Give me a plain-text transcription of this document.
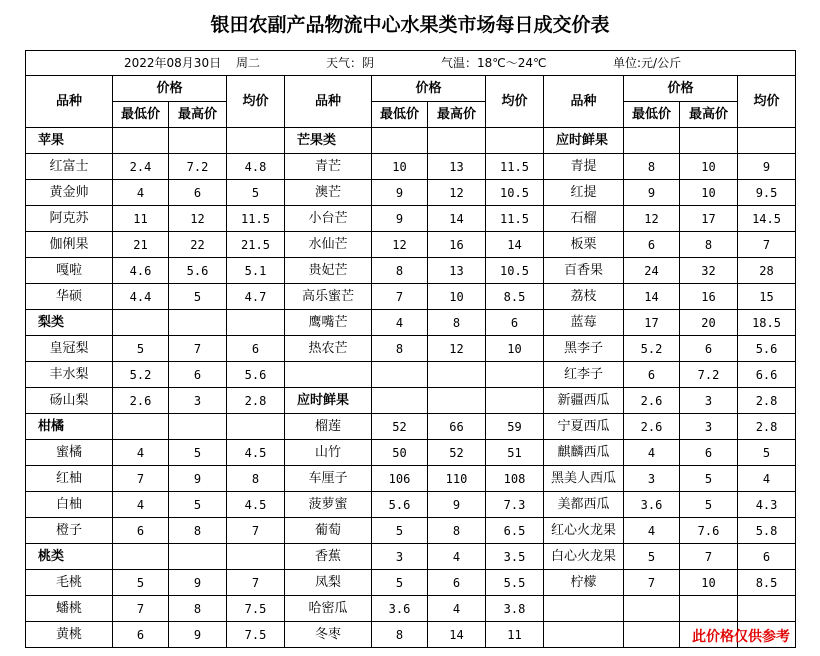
银田农副产品物流中心水果类市场每日成交价表
2022年08月30日 周二 天气：阴 气温：18℃～24℃ 单位:元/公斤											

品种	价格		均价	品种	价格		均价	品种	价格		均价
	最低价	最高价			最低价	最高价			最低价	最高价	
苹果				芒果类				应时鲜果			
红富士	2.4	7.2	4.8	青芒	10	13	11.5	青提	8	10	9
黄金帅	4	6	5	澳芒	9	12	10.5	红提	9	10	9.5
阿克苏	11	12	11.5	小台芒	9	14	11.5	石榴	12	17	14.5
伽俐果	21	22	21.5	水仙芒	12	16	14	板栗	6	8	7
嘎啦	4.6	5.6	5.1	贵妃芒	8	13	10.5	百香果	24	32	28
华硕	4.4	5	4.7	高乐蜜芒	7	10	8.5	荔枝	14	16	15
梨类				鹰嘴芒	4	8	6	蓝莓	17	20	18.5
皇冠梨	5	7	6	热农芒	8	12	10	黑李子	5.2	6	5.6
丰水梨	5.2	6	5.6					红李子	6	7.2	6.6
砀山梨	2.6	3	2.8	应时鲜果				新疆西瓜	2.6	3	2.8
柑橘				榴莲	52	66	59	宁夏西瓜	2.6	3	2.8
蜜橘	4	5	4.5	山竹	50	52	51	麒麟西瓜	4	6	5
红柚	7	9	8	车厘子	106	110	108	黑美人西瓜	3	5	4
白柚	4	5	4.5	菠萝蜜	5.6	9	7.3	美都西瓜	3.6	5	4.3
橙子	6	8	7	葡萄	5	8	6.5	红心火龙果	4	7.6	5.8
桃类				香蕉	3	4	3.5	白心火龙果	5	7	6
毛桃	5	9	7	凤梨	5	6	5.5	柠檬	7	10	8.5
蟠桃	7	8	7.5	哈密瓜	3.6	4	3.8				
黄桃	6	9	7.5	冬枣	8	14	11					此价格仅供参考
